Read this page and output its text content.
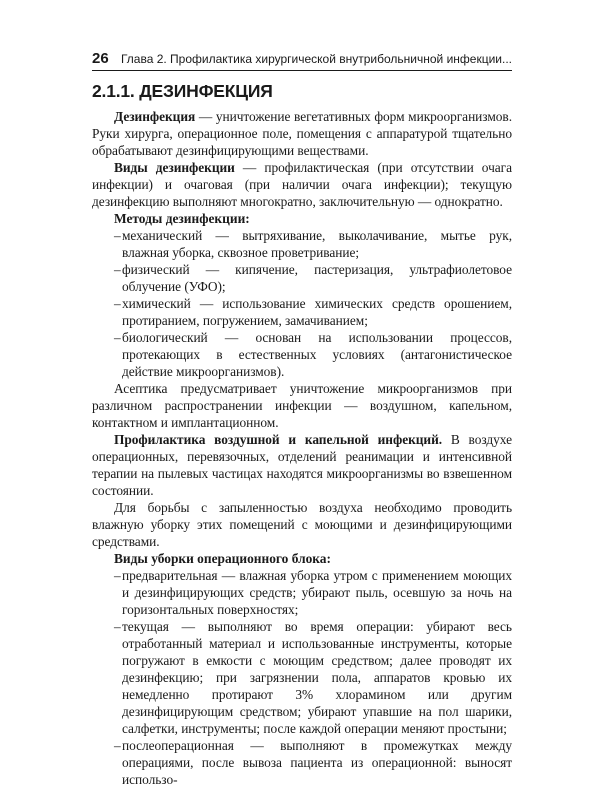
26 Глава 2. Профилактика хирургической внутрибольничной инфекции...
2.1.1. ДЕЗИНФЕКЦИЯ

Дезинфекция — уничтожение вегетативных форм микроорганизмов. Руки хирурга, операционное поле, помещения с аппаратурой тщательно обрабатывают дезинфицирующими веществами.

Виды дезинфекции — профилактическая (при отсутствии очага инфекции) и очаговая (при наличии очага инфекции); текущую дезинфекцию выполняют многократно, заключительную — однократно.

Методы дезинфекции:

– механический — вытряхивание, выколачивание, мытье рук, влажная уборка, сквозное проветривание;
– физический — кипячение, пастеризация, ультрафиолетовое облучение (УФО);
– химический — использование химических средств орошением, протиранием, погружением, замачиванием;
– биологический — основан на использовании процессов, протекающих в естественных условиях (антагонистическое действие микроорганизмов).

Асептика предусматривает уничтожение микроорганизмов при различном распространении инфекции — воздушном, капельном, контактном и имплантационном.

Профилактика воздушной и капельной инфекций. В воздухе операционных, перевязочных, отделений реанимации и интенсивной терапии на пылевых частицах находятся микроорганизмы во взвешенном состоянии.

Для борьбы с запыленностью воздуха необходимо проводить влажную уборку этих помещений с моющими и дезинфицирующими средствами.

Виды уборки операционного блока:

– предварительная — влажная уборка утром с применением моющих и дезинфицирующих средств; убирают пыль, осевшую за ночь на горизонтальных поверхностях;
– текущая — выполняют во время операции: убирают весь отработанный материал и использованные инструменты, которые погружают в емкости с моющим средством; далее проводят их дезинфекцию; при загрязнении пола, аппаратов кровью их немедленно протирают 3% хлорамином или другим дезинфицирующим средством; убирают упавшие на пол шарики, салфетки, инструменты; после каждой операции меняют простыни;
– послеоперационная — выполняют в промежутках между операциями, после вывоза пациента из операционной: выносят использо-
